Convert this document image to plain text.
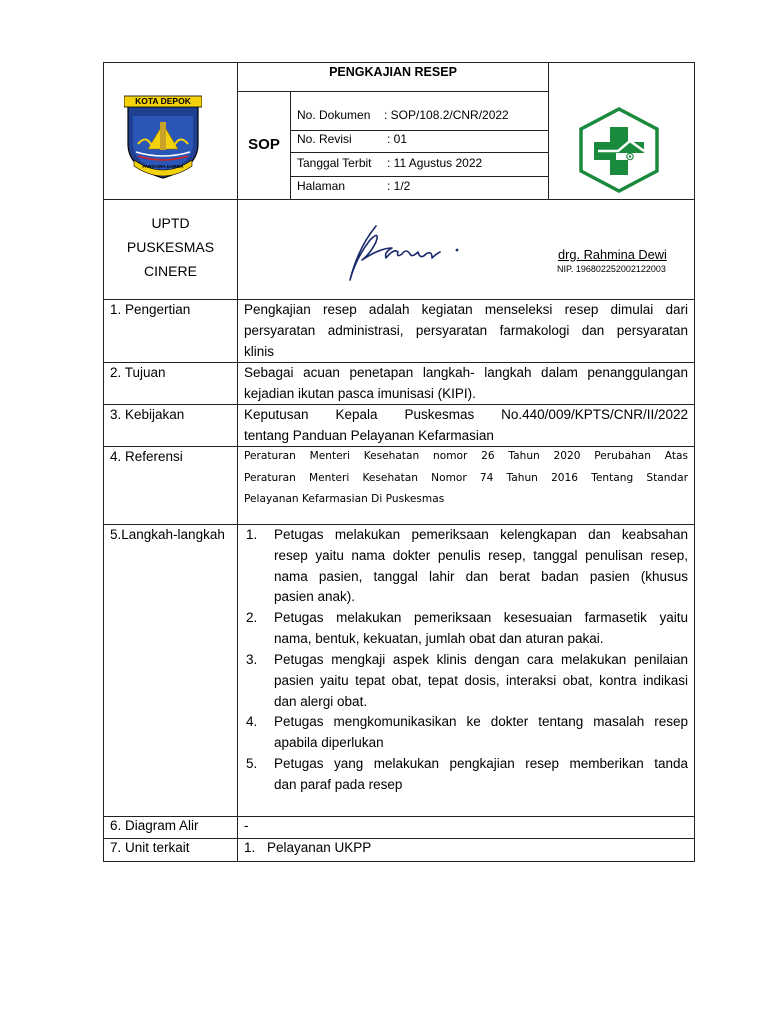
KOTA DEPOK
PARICARA DARMA
PENGKAJIAN RESEP
SOP
No. Dokumen : SOP/108.2/CNR/2022
No. Revisi	: 01
Tanggal Terbit : 11 Agustus 2022
Halaman	: 1/2
UPTD
PUSKESMAS
CINERE
drg. Rahmina Dewi
NIP. 196802252002122003
1. Pengertian	Pengkajian resep adalah kegiatan menseleksi resep dimulai dari
persyaratan administrasi, persyaratan farmakologi dan persyaratan
klinis
2. Tujuan	Sebagai acuan penetapan langkah- langkah dalam penanggulangan
kejadian ikutan pasca imunisasi (KIPI).
3. Kebijakan	Keputusan Kepala Puskesmas No.440/009/KPTS/CNR/II/2022
tentang Panduan Pelayanan Kefarmasian
4. Referensi	Peraturan Menteri Kesehatan nomor 26 Tahun 2020 Perubahan Atas
Peraturan Menteri Kesehatan Nomor 74 Tahun 2016 Tentang Standar
Pelayanan Kefarmasian Di Puskesmas
5.Langkah-langkah 1. Petugas melakukan pemeriksaan kelengkapan dan keabsahan
resep yaitu nama dokter penulis resep, tanggal penulisan resep,
nama pasien, tanggal lahir dan berat badan pasien (khusus
pasien anak).
2. Petugas melakukan pemeriksaan kesesuaian farmasetik yaitu
nama, bentuk, kekuatan, jumlah obat dan aturan pakai.
3. Petugas mengkaji aspek klinis dengan cara melakukan penilaian
pasien yaitu tepat obat, tepat dosis, interaksi obat, kontra indikasi
dan alergi obat.
4. Petugas mengkomunikasikan ke dokter tentang masalah resep
apabila diperlukan
5. Petugas yang melakukan pengkajian resep memberikan tanda
dan paraf pada resep
6. Diagram Alir	-
7. Unit terkait	1. Pelayanan UKPP
